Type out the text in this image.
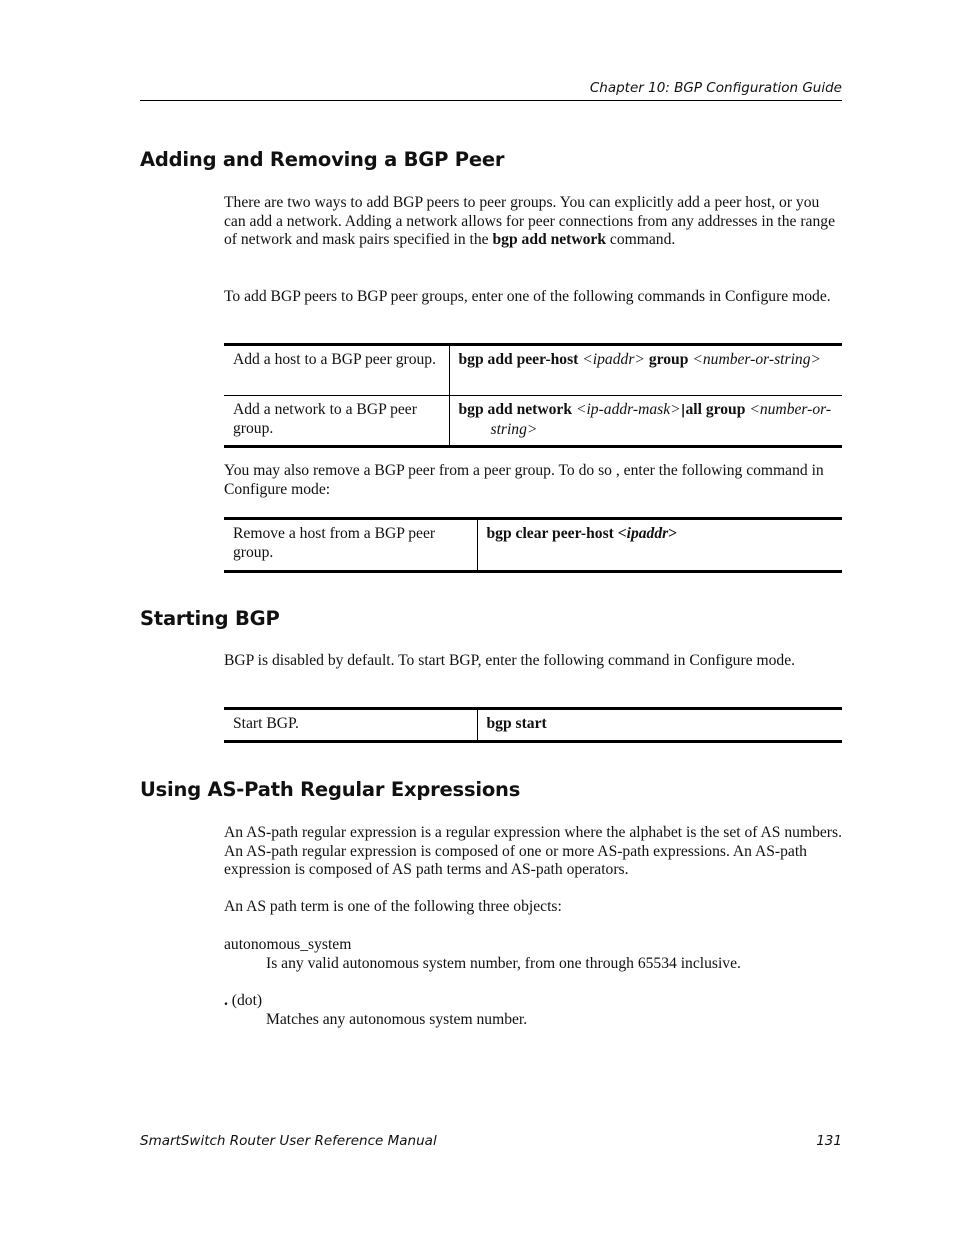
Chapter 10: BGP Configuration Guide
Adding and Removing a BGP Peer

There are two ways to add BGP peers to peer groups. You can explicitly add a peer host, or you can add a network. Adding a network allows for peer connections from any addresses in the range of network and mask pairs specified in the bgp add network command.

To add BGP peers to BGP peer groups, enter one of the following commands in Configure mode.

Add a host to a BGP peer group.	bgp add peer-host <ipaddr> group <number-or-string>
Add a network to a BGP peer group.	bgp add network <ip-addr-mask>|all group <number-or-string>

You may also remove a BGP peer from a peer group. To do so , enter the following command in Configure mode:

Remove a host from a BGP peer group.	bgp clear peer-host <ipaddr>
Starting BGP

BGP is disabled by default. To start BGP, enter the following command in Configure mode.

Start BGP.	bgp start
Using AS-Path Regular Expressions

An AS-path regular expression is a regular expression where the alphabet is the set of AS numbers. An AS-path regular expression is composed of one or more AS-path expressions. An AS-path expression is composed of AS path terms and AS-path operators.

An AS path term is one of the following three objects:

autonomous_system
Is any valid autonomous system number, from one through 65534 inclusive.
. (dot)
Matches any autonomous system number.
SmartSwitch Router User Reference Manual	131
